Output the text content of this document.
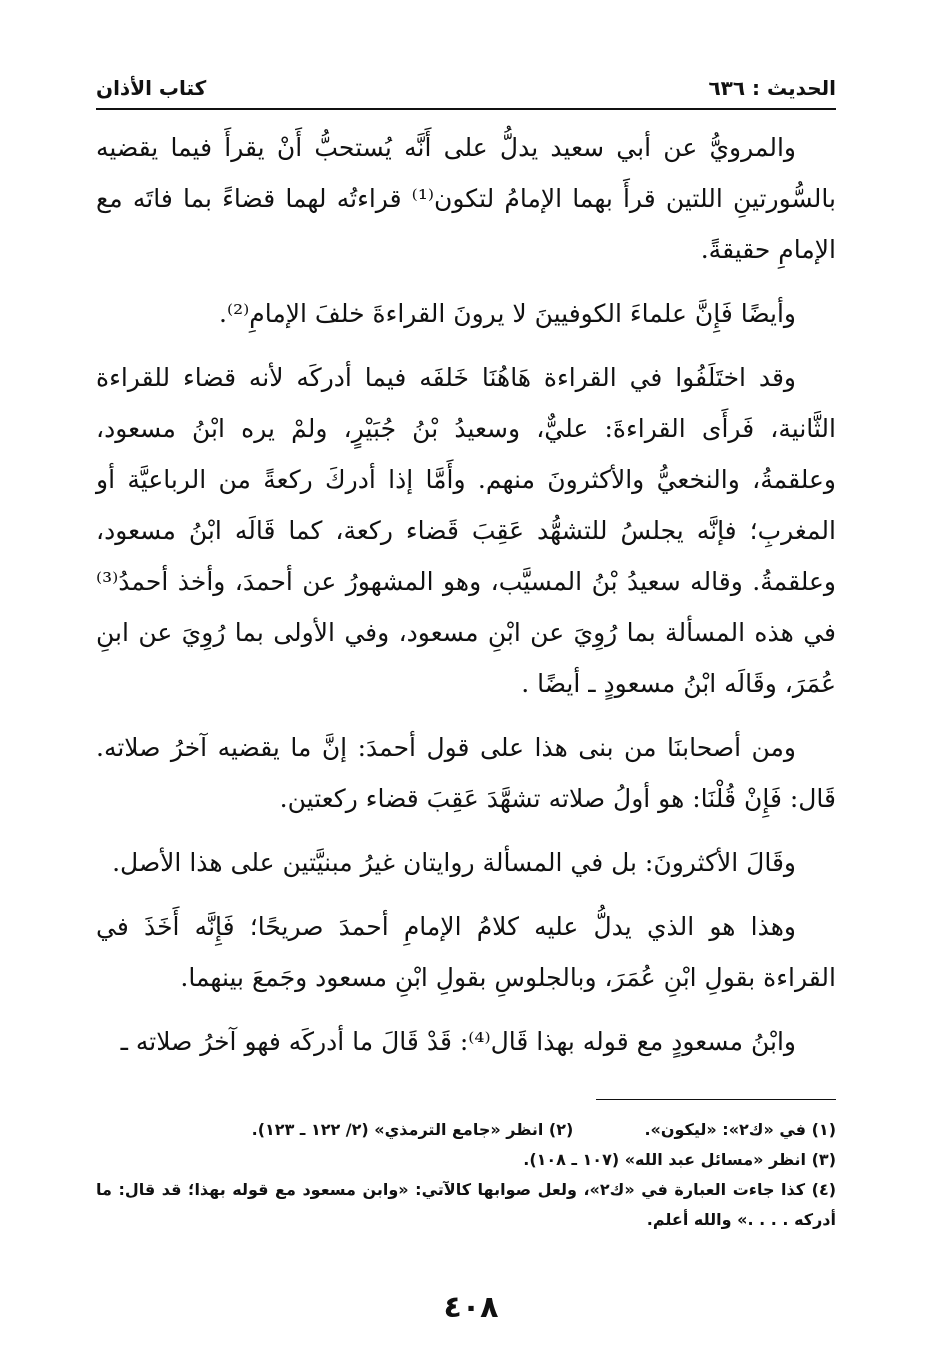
الحديث : ٦٣٦
كتاب الأذان

والمرويُّ عن أبي سعيد يدلُّ على أَنَّه يُستحبُّ أَنْ يقرأَ فيما يقضيه بالسُّورتينِ اللتين قرأَ بهما الإمامُ لتكون⁽¹⁾ قراءتُه لهما قضاءً بما فاتَه مع الإمامِ حقيقةً.

وأيضًا فَإِنَّ علماءَ الكوفيينَ لا يرونَ القراءةَ خلفَ الإمامِ⁽²⁾.

وقد اختَلَفُوا في القراءة هَاهُنَا خَلفَه فيما أدركَه لأنه قضاء للقراءة الثَّانية، فَرأَى القراءةَ: عليٌّ، وسعيدُ بْنُ جُبَيْرٍ، ولمْ يره ابْنُ مسعود، وعلقمةُ، والنخعيُّ والأكثرونَ منهم. وأَمَّا إذا أدركَ ركعةً من الرباعيَّة أو المغربِ؛ فإنَّه يجلسُ للتشهُّد عَقِبَ قَضاء ركعة، كما قَالَه ابْنُ مسعود، وعلقمةُ. وقاله سعيدُ بْنُ المسيَّب، وهو المشهورُ عن أحمدَ، وأخذ أحمدُ⁽³⁾ في هذه المسألة بما رُوِيَ عن ابْنِ مسعود، وفي الأولى بما رُوِيَ عن ابنِ عُمَرَ، وقَالَه ابْنُ مسعودٍ ـ أيضًا .

ومن أصحابنَا من بنى هذا على قول أحمدَ: إنَّ ما يقضيه آخرُ صلاته. قَال: فَإِنْ قُلْنَا: هو أولُ صلاته تشهَّدَ عَقِبَ قضاء ركعتين.

وقَالَ الأكثرونَ: بل في المسألة روايتان غيرُ مبنيَّتين على هذا الأصل.

وهذا هو الذي يدلُّ عليه كلامُ الإمامِ أحمدَ صريحًا؛ فَإِنَّه أَخَذَ في القراءة بقولِ ابْنِ عُمَرَ، وبالجلوسِ بقولِ ابْنِ مسعود وجَمعَ بينهما.

وابْنُ مسعودٍ مع قوله بهذا قَال⁽⁴⁾: قَدْ قَالَ ما أدركَه فهو آخرُ صلاته ـ

(١) في «ك٢»: «ليكون».  (٢) انظر «جامع الترمذي» (٢/ ١٢٢ ـ ١٢٣).
(٣) انظر «مسائل عبد الله» (١٠٧ ـ ١٠٨).
(٤) كذا جاءت العبارة في «ك٢»، ولعل صوابها كالآتي: «وابن مسعود مع قوله بهذا؛ قد قال: ما أدركه . . . .» والله أعلم.
٤٠٨
